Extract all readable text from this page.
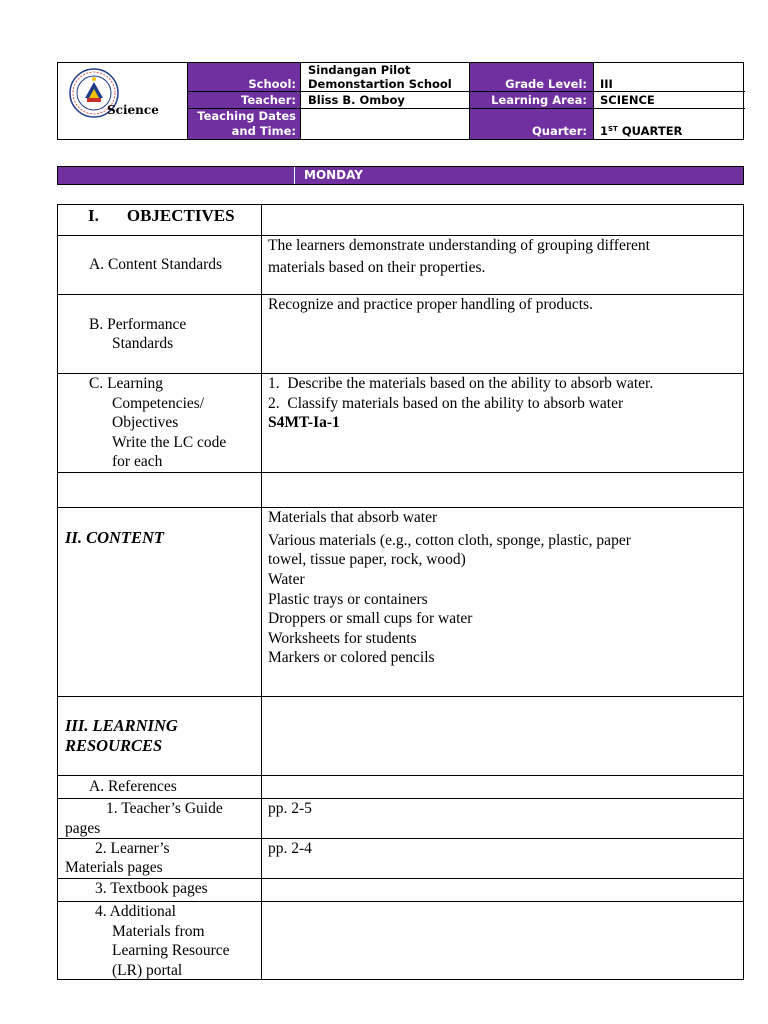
Science
School:
Teacher:
Teaching Dates
and Time:
Sindangan Pilot
Demonstartion School
Bliss B. Omboy
Grade Level:
Learning Area:
Quarter:
III
SCIENCE
1ST QUARTER
MONDAY
I. OBJECTIVES
A. Content Standards
The learners demonstrate understanding of grouping different
materials based on their properties.
B. Performance
Standards
Recognize and practice proper handling of products.
C. Learning
Competencies/
Objectives
Write the LC code
for each
1.  Describe the materials based on the ability to absorb water.
2.  Classify materials based on the ability to absorb water
S4MT-Ia-1
II. CONTENT
Materials that absorb water
Various materials (e.g., cotton cloth, sponge, plastic, paper
towel, tissue paper, rock, wood)
Water
Plastic trays or containers
Droppers or small cups for water
Worksheets for students
Markers or colored pencils
III. LEARNING
RESOURCES
A. References
1. Teacher’s Guide
pages
pp. 2-5
2. Learner’s
Materials pages
pp. 2-4
3. Textbook pages
4. Additional
Materials from
Learning Resource
(LR) portal
